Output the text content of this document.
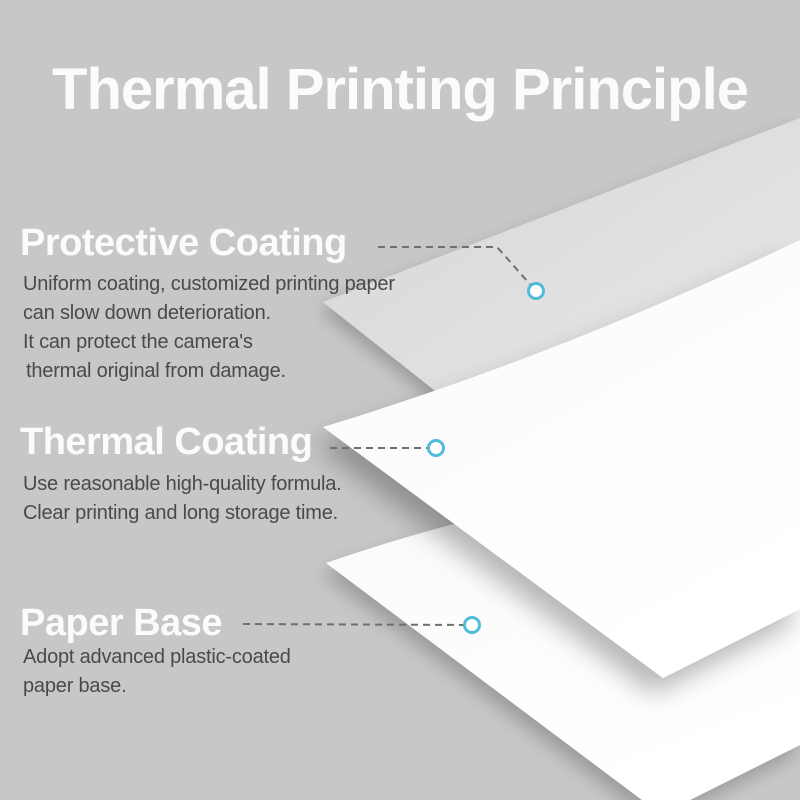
Thermal Printing Principle
Protective Coating
Uniform coating, customized printing paper
can slow down deterioration.
It can protect the camera's
thermal original from damage.
Thermal Coating
Use reasonable high-quality formula.
Clear printing and long storage time.
Paper Base
Adopt advanced plastic-coated
paper base.
